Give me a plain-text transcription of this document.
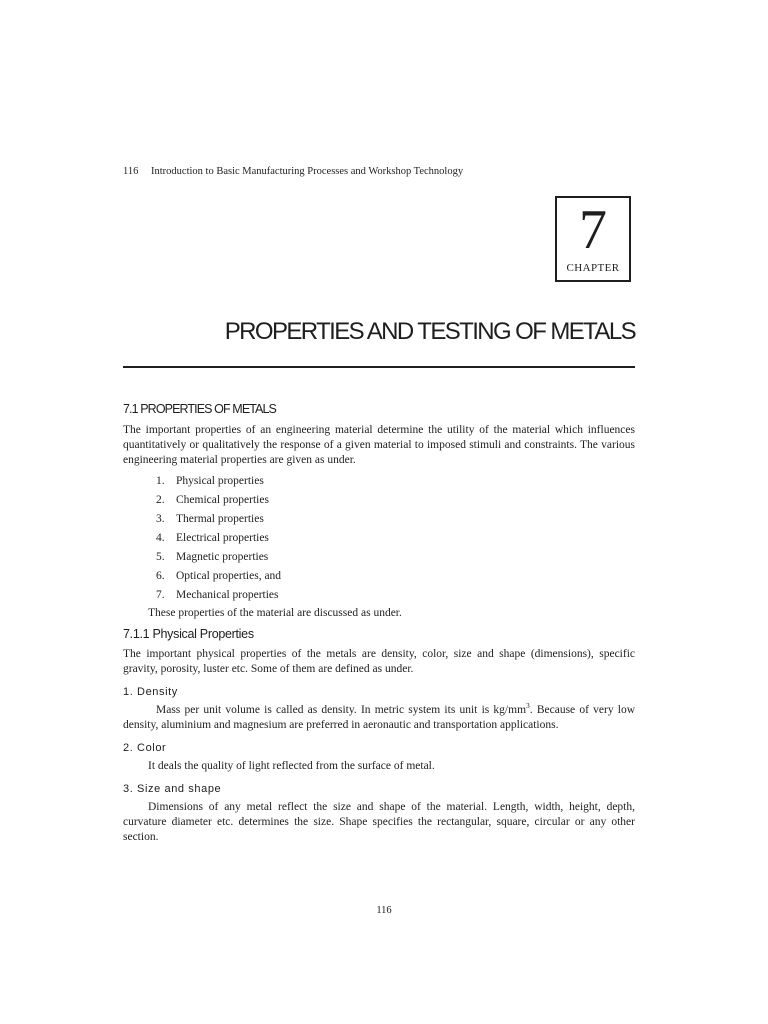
116 Introduction to Basic Manufacturing Processes and Workshop Technology
7
CHAPTER
PROPERTIES AND TESTING OF METALS
7.1 PROPERTIES OF METALS

The important properties of an engineering material determine the utility of the material which influences quantitatively or qualitatively the response of a given material to imposed stimuli and constraints. The various engineering material properties are given as under.

1. Physical properties
2. Chemical properties
3. Thermal properties
4. Electrical properties
5. Magnetic properties
6. Optical properties, and
7. Mechanical properties

These properties of the material are discussed as under.

7.1.1 Physical Properties

The important physical properties of the metals are density, color, size and shape (dimensions), specific gravity, porosity, luster etc. Some of them are defined as under.

1. Density

Mass per unit volume is called as density. In metric system its unit is $kg/mm^3$. Because of very low density, aluminium and magnesium are preferred in aeronautic and transportation applications.

2. Color

It deals the quality of light reflected from the surface of metal.

3. Size and shape

Dimensions of any metal reflect the size and shape of the material. Length, width, height, depth, curvature diameter etc. determines the size. Shape specifies the rectangular, square, circular or any other section.

116
